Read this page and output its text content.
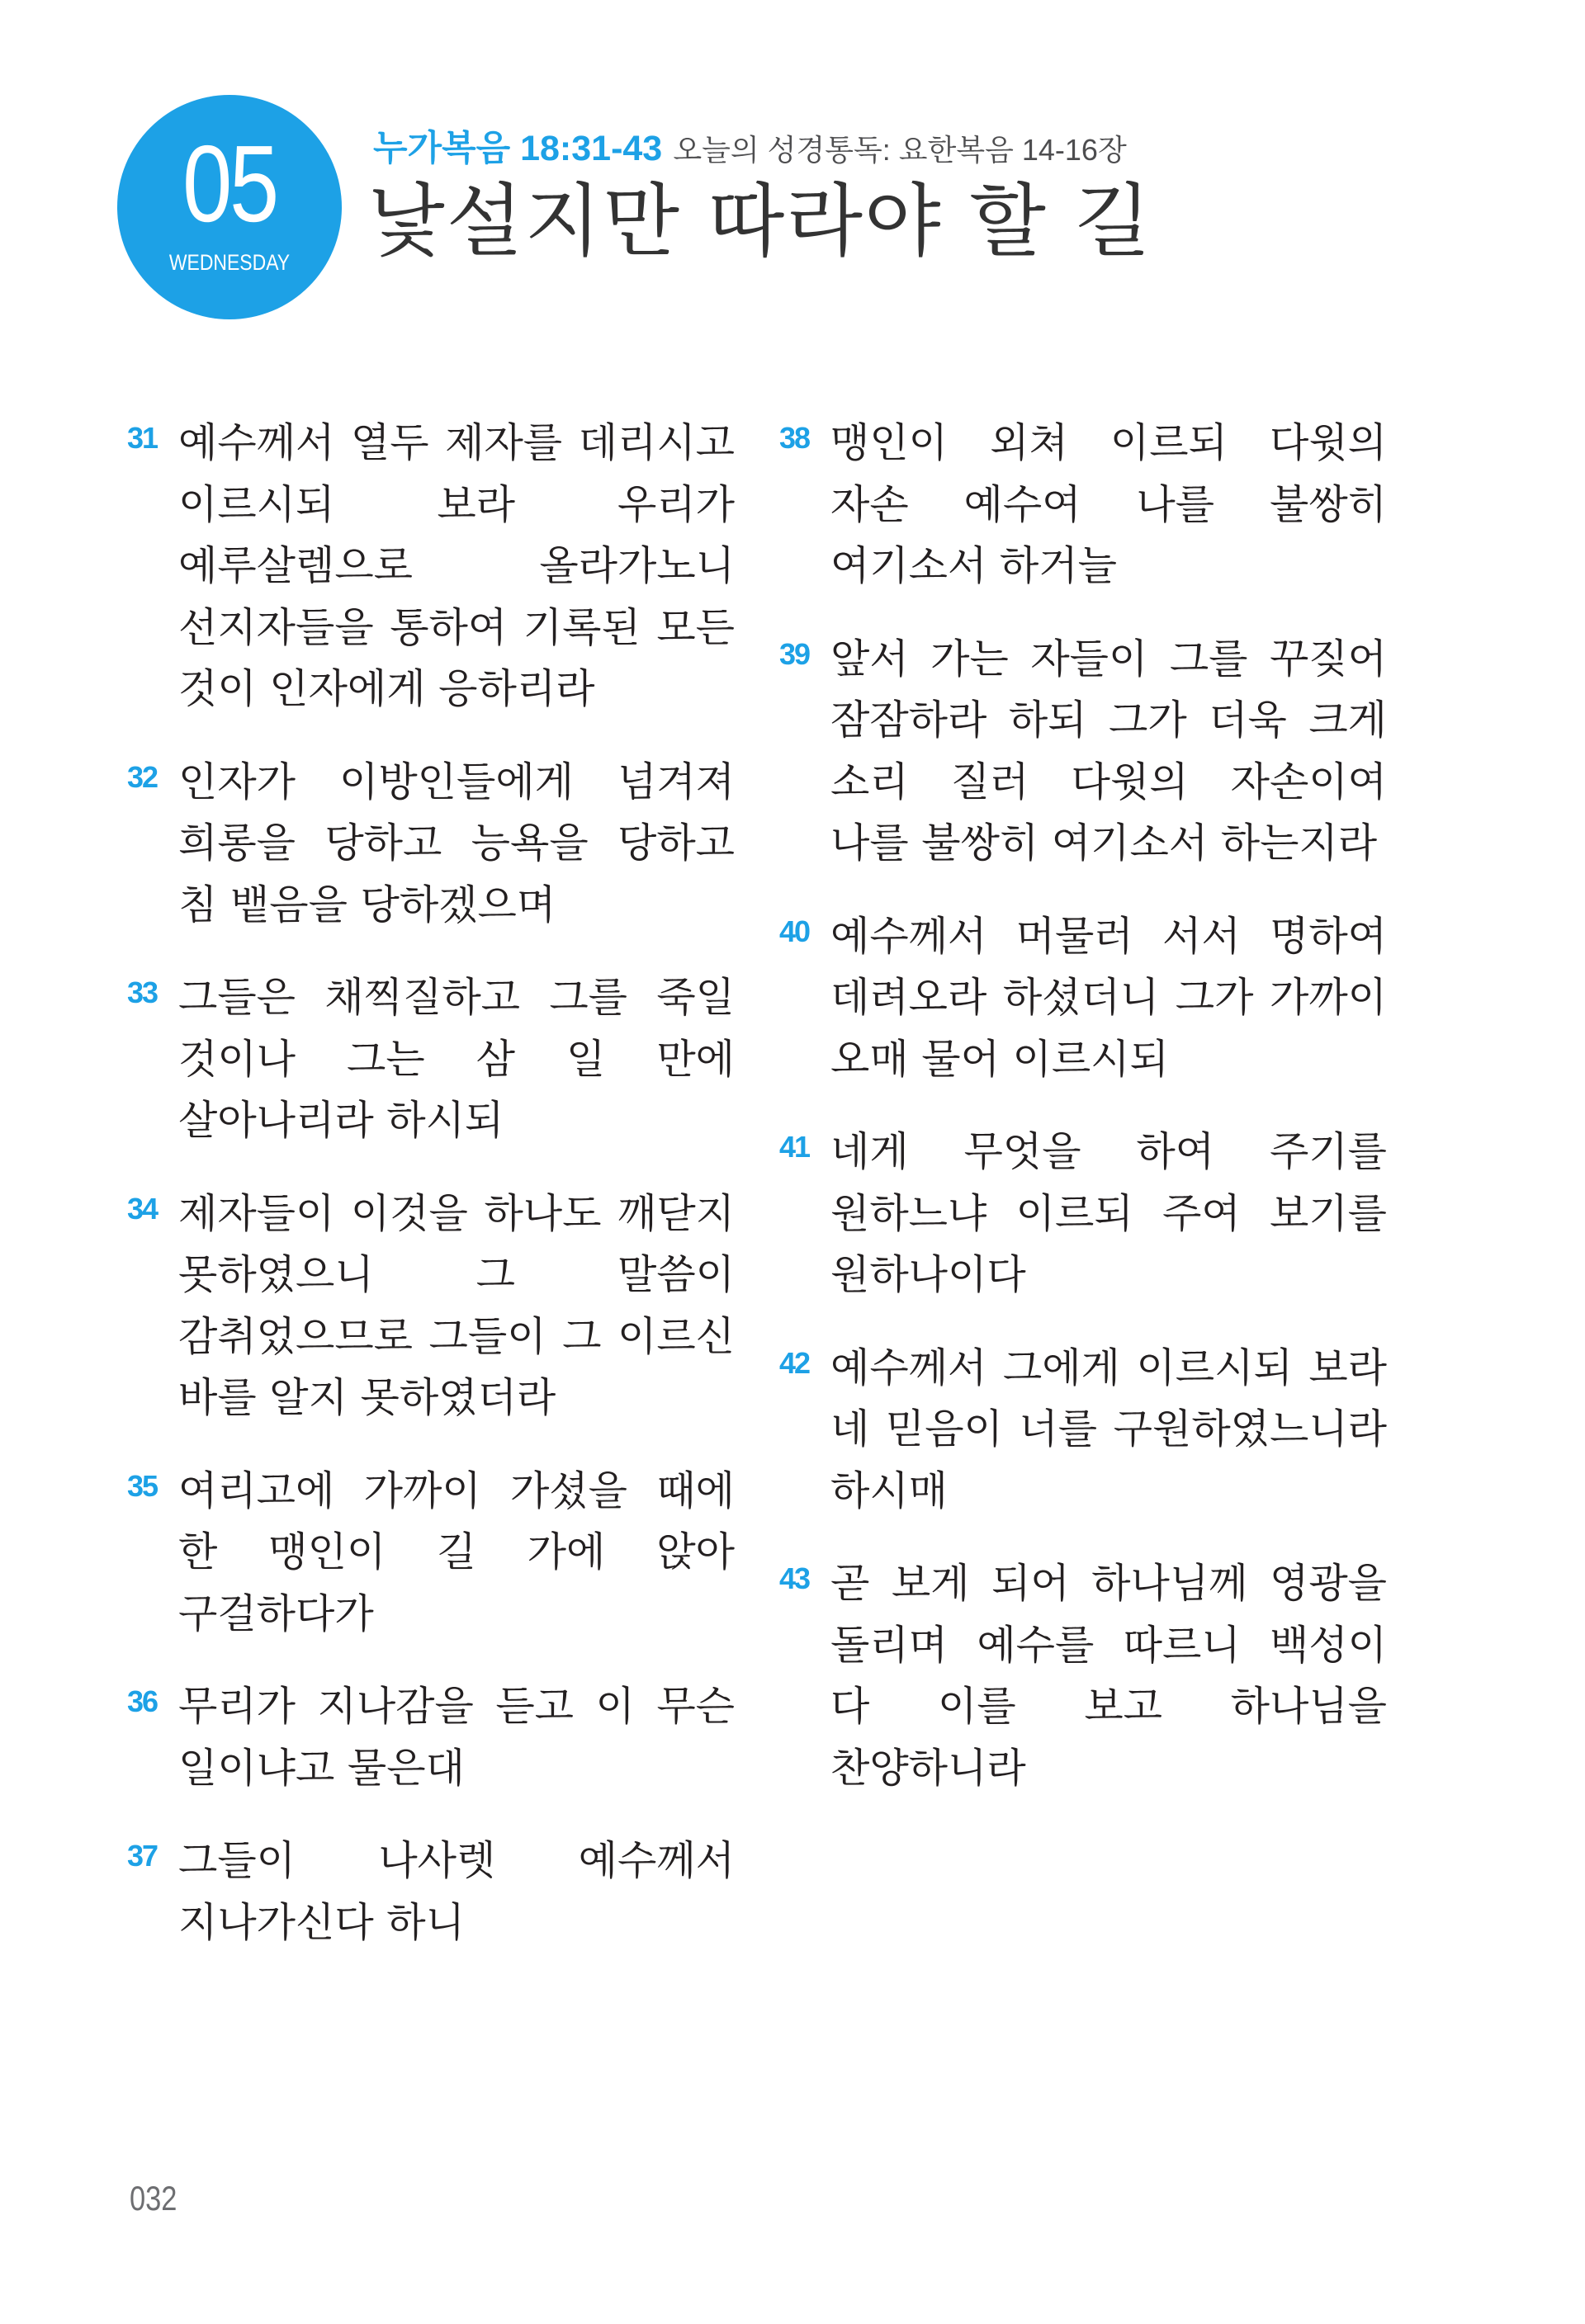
05
WEDNESDAY
누가복음 18:31-43 오늘의 성경통독: 요한복음 14-16장
낯설지만 따라야 할 길
31 예수께서 열두 제자를 데리시고 이르시되 보라 우리가 예루살렘으로 올라가노니 선지자들을 통하여 기록된 모든 것이 인자에게 응하리라
32 인자가 이방인들에게 넘겨져 희롱을 당하고 능욕을 당하고 침 뱉음을 당하겠으며
33 그들은 채찍질하고 그를 죽일 것이나 그는 삼 일 만에 살아나리라 하시되
34 제자들이 이것을 하나도 깨닫지 못하였으니 그 말씀이 감취었으므로 그들이 그 이르신 바를 알지 못하였더라
35 여리고에 가까이 가셨을 때에 한 맹인이 길 가에 앉아 구걸하다가
36 무리가 지나감을 듣고 이 무슨 일이냐고 물은대
37 그들이 나사렛 예수께서 지나가신다 하니
38 맹인이 외쳐 이르되 다윗의 자손 예수여 나를 불쌍히 여기소서 하거늘
39 앞서 가는 자들이 그를 꾸짖어 잠잠하라 하되 그가 더욱 크게 소리 질러 다윗의 자손이여 나를 불쌍히 여기소서 하는지라
40 예수께서 머물러 서서 명하여 데려오라 하셨더니 그가 가까이 오매 물어 이르시되
41 네게 무엇을 하여 주기를 원하느냐 이르되 주여 보기를 원하나이다
42 예수께서 그에게 이르시되 보라 네 믿음이 너를 구원하였느니라 하시매
43 곧 보게 되어 하나님께 영광을 돌리며 예수를 따르니 백성이 다 이를 보고 하나님을 찬양하니라
032
